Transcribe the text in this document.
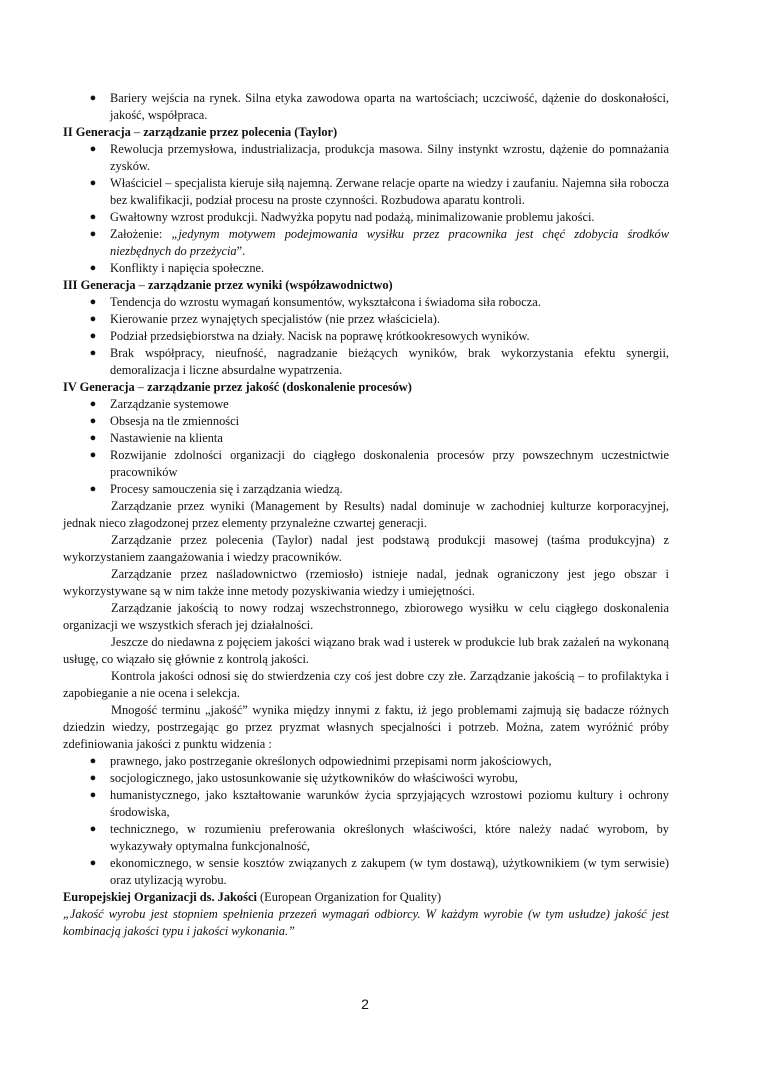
● Bariery wejścia na rynek. Silna etyka zawodowa oparta na wartościach; uczciwość, dążenie do doskonałości, jakość, współpraca.
II Generacja – zarządzanie przez polecenia (Taylor)
● Rewolucja przemysłowa, industrializacja, produkcja masowa. Silny instynkt wzrostu, dążenie do pomnażania zysków.
● Właściciel – specjalista kieruje siłą najemną. Zerwane relacje oparte na wiedzy i zaufaniu. Najemna siła robocza bez kwalifikacji, podział procesu na proste czynności. Rozbudowa aparatu kontroli.
● Gwałtowny wzrost produkcji. Nadwyżka popytu nad podażą, minimalizowanie problemu jakości.
● Założenie: „jedynym motywem podejmowania wysiłku przez pracownika jest chęć zdobycia środków niezbędnych do przeżycia”.
● Konflikty i napięcia społeczne.
III Generacja – zarządzanie przez wyniki (współzawodnictwo)
● Tendencja do wzrostu wymagań konsumentów, wykształcona i świadoma siła robocza.
● Kierowanie przez wynajętych specjalistów (nie przez właściciela).
● Podział przedsiębiorstwa na działy. Nacisk na poprawę krótkookresowych wyników.
● Brak współpracy, nieufność, nagradzanie bieżących wyników, brak wykorzystania efektu synergii, demoralizacja i liczne absurdalne wypatrzenia.
IV Generacja – zarządzanie przez jakość (doskonalenie procesów)
● Zarządzanie systemowe
● Obsesja na tle zmienności
● Nastawienie na klienta
● Rozwijanie zdolności organizacji do ciągłego doskonalenia procesów przy powszechnym uczestnictwie pracowników
● Procesy samouczenia się i zarządzania wiedzą.
Zarządzanie przez wyniki (Management by Results) nadal dominuje w zachodniej kulturze korporacyjnej, jednak nieco złagodzonej przez elementy przynależne czwartej generacji.
Zarządzanie przez polecenia (Taylor) nadal jest podstawą produkcji masowej (taśma produkcyjna) z wykorzystaniem zaangażowania i wiedzy pracowników.
Zarządzanie przez naśladownictwo (rzemiosło) istnieje nadal, jednak ograniczony jest jego obszar i wykorzystywane są w nim także inne metody pozyskiwania wiedzy i umiejętności.
Zarządzanie jakością to nowy rodzaj wszechstronnego, zbiorowego wysiłku w celu ciągłego doskonalenia organizacji we wszystkich sferach jej działalności.
Jeszcze do niedawna z pojęciem jakości wiązano brak wad i usterek w produkcie lub brak zażaleń na wykonaną usługę, co wiązało się głównie z kontrolą jakości.
Kontrola jakości odnosi się do stwierdzenia czy coś jest dobre czy złe. Zarządzanie jakością – to profilaktyka i zapobieganie a nie ocena i selekcja.
Mnogość terminu „jakość” wynika między innymi z faktu, iż jego problemami zajmują się badacze różnych dziedzin wiedzy, postrzegając go przez pryzmat własnych specjalności i potrzeb. Można, zatem wyróżnić próby zdefiniowania jakości z punktu widzenia :
● prawnego, jako postrzeganie określonych odpowiednimi przepisami norm jakościowych,
● socjologicznego, jako ustosunkowanie się użytkowników do właściwości wyrobu,
● humanistycznego, jako kształtowanie warunków życia sprzyjających wzrostowi poziomu kultury i ochrony środowiska,
● technicznego, w rozumieniu preferowania określonych właściwości, które należy nadać wyrobom, by wykazywały optymalna funkcjonalność,
● ekonomicznego, w sensie kosztów związanych z zakupem (w tym dostawą), użytkownikiem (w tym serwisie) oraz utylizacją wyrobu.
Europejskiej Organizacji ds. Jakości (European Organization for Quality)
„Jakość wyrobu jest stopniem spełnienia przezeń wymagań odbiorcy. W każdym wyrobie (w tym usłudze) jakość jest kombinacją jakości typu i jakości wykonania.”
2
